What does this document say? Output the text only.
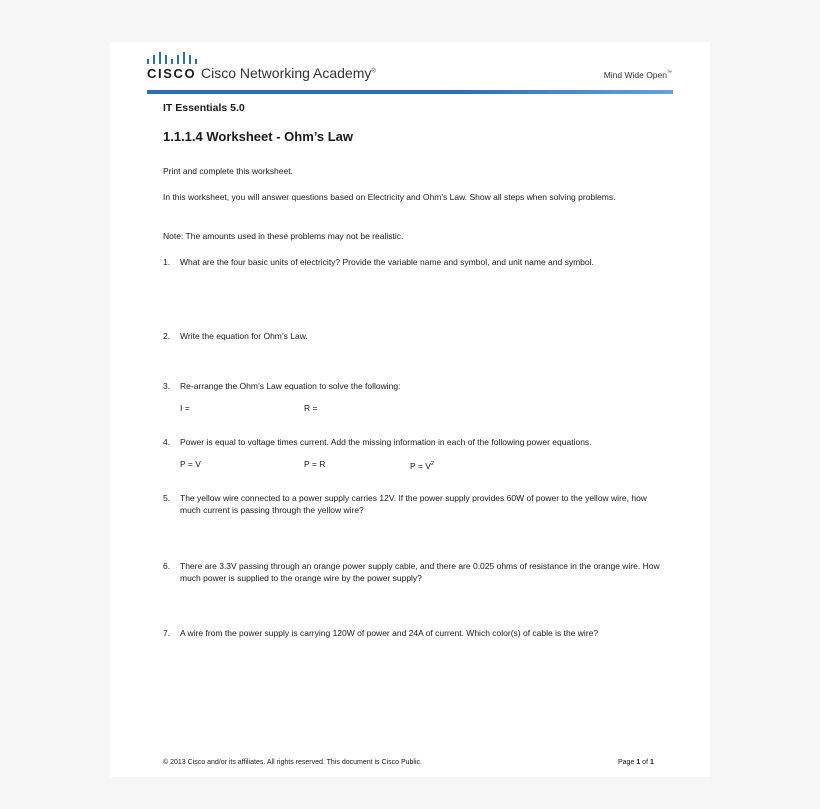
CISCO Cisco Networking Academy®	Mind Wide Open™
IT Essentials 5.0
1.1.1.4 Worksheet - Ohm’s Law
Print and complete this worksheet.
In this worksheet, you will answer questions based on Electricity and Ohm’s Law. Show all steps when solving problems.
Note: The amounts used in these problems may not be realistic.
1. What are the four basic units of electricity? Provide the variable name and symbol, and unit name and symbol.
2. Write the equation for Ohm’s Law.
3. Re-arrange the Ohm’s Law equation to solve the following:
I =	R =
4. Power is equal to voltage times current. Add the missing information in each of the following power equations.
P = V	P = R	$P = V^2$
5. The yellow wire connected to a power supply carries 12V. If the power supply provides 60W of power to the yellow wire, how much current is passing through the yellow wire?
6. There are 3.3V passing through an orange power supply cable, and there are 0.025 ohms of resistance in the orange wire. How much power is supplied to the orange wire by the power supply?
7. A wire from the power supply is carrying 120W of power and 24A of current. Which color(s) of cable is the wire?
© 2013 Cisco and/or its affiliates. All rights reserved. This document is Cisco Public.	Page 1 of 1
